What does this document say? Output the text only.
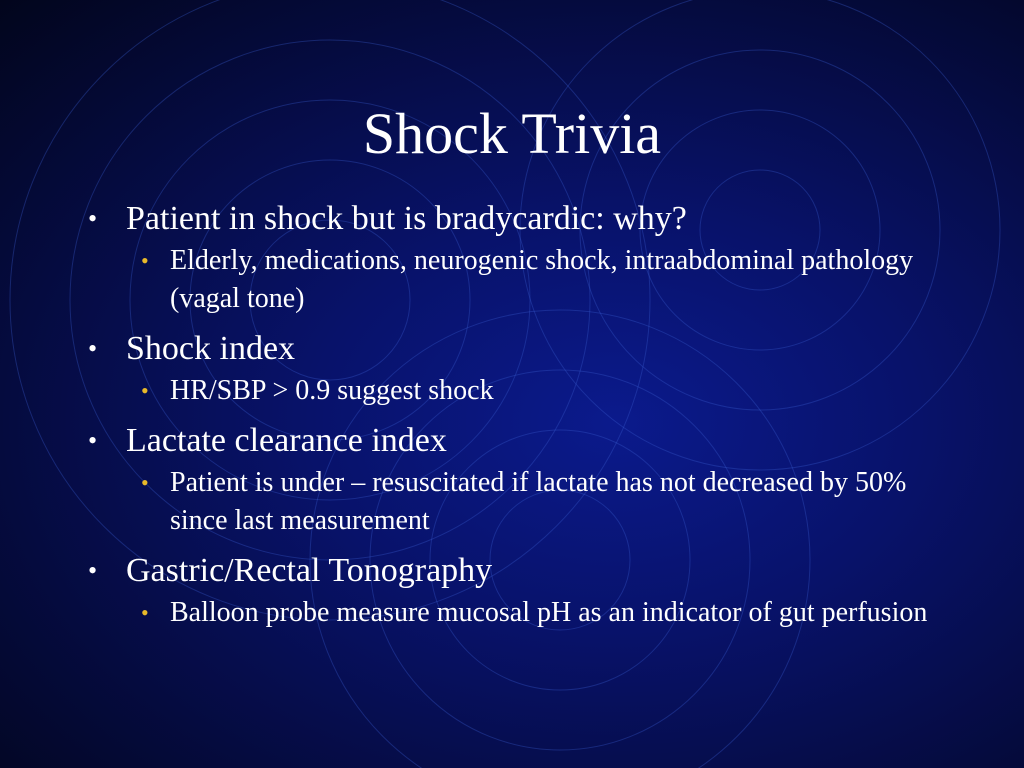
Shock Trivia
• Patient in shock but is bradycardic: why?
• Elderly, medications, neurogenic shock, intraabdominal pathology (vagal tone)
• Shock index
• HR/SBP > 0.9 suggest shock
• Lactate clearance index
• Patient is under – resuscitated if lactate has not decreased by 50% since last measurement
• Gastric/Rectal Tonography
• Balloon probe measure mucosal pH as an indicator of gut perfusion
